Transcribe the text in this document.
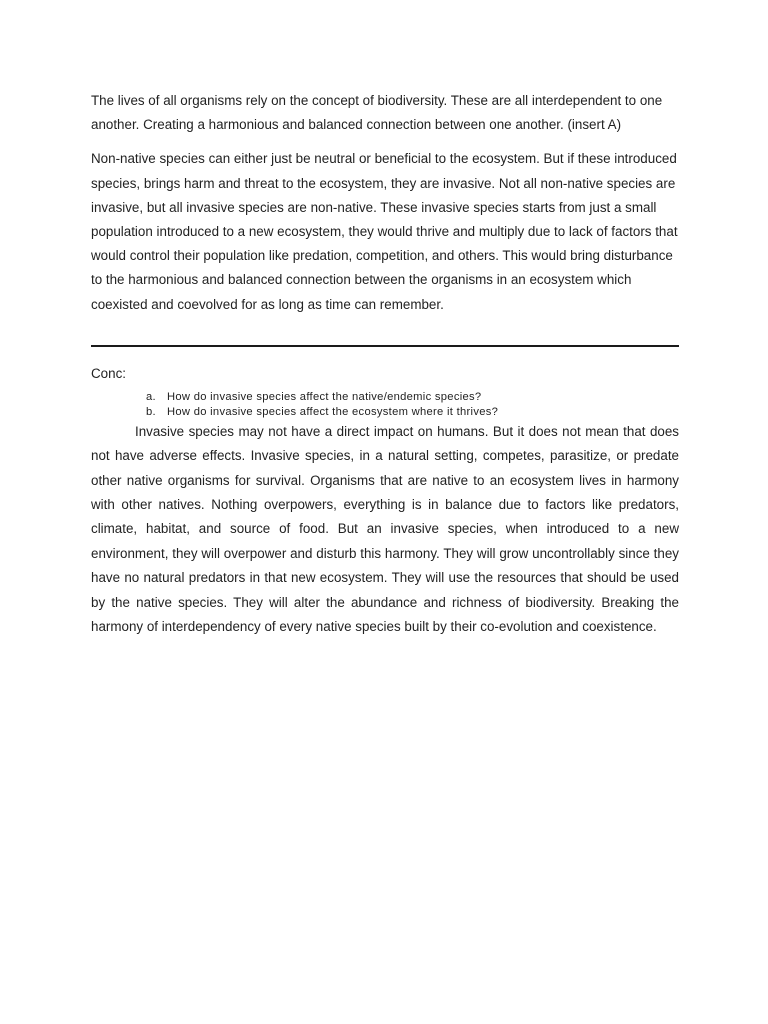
The lives of all organisms rely on the concept of biodiversity. These are all interdependent to one another. Creating a harmonious and balanced connection between one another. (insert A)

Non-native species can either just be neutral or beneficial to the ecosystem. But if these introduced species, brings harm and threat to the ecosystem, they are invasive. Not all non-native species are invasive, but all invasive species are non-native. These invasive species starts from just a small population introduced to a new ecosystem, they would thrive and multiply due to lack of factors that would control their population like predation, competition, and others. This would bring disturbance to the harmonious and balanced connection between the organisms in an ecosystem which coexisted and coevolved for as long as time can remember.

Conc:
a. How do invasive species affect the native/endemic species?
b. How do invasive species affect the ecosystem where it thrives?

Invasive species may not have a direct impact on humans. But it does not mean that does not have adverse effects. Invasive species, in a natural setting, competes, parasitize, or predate other native organisms for survival. Organisms that are native to an ecosystem lives in harmony with other natives. Nothing overpowers, everything is in balance due to factors like predators, climate, habitat, and source of food. But an invasive species, when introduced to a new environment, they will overpower and disturb this harmony. They will grow uncontrollably since they have no natural predators in that new ecosystem. They will use the resources that should be used by the native species. They will alter the abundance and richness of biodiversity. Breaking the harmony of interdependency of every native species built by their co-evolution and coexistence.
